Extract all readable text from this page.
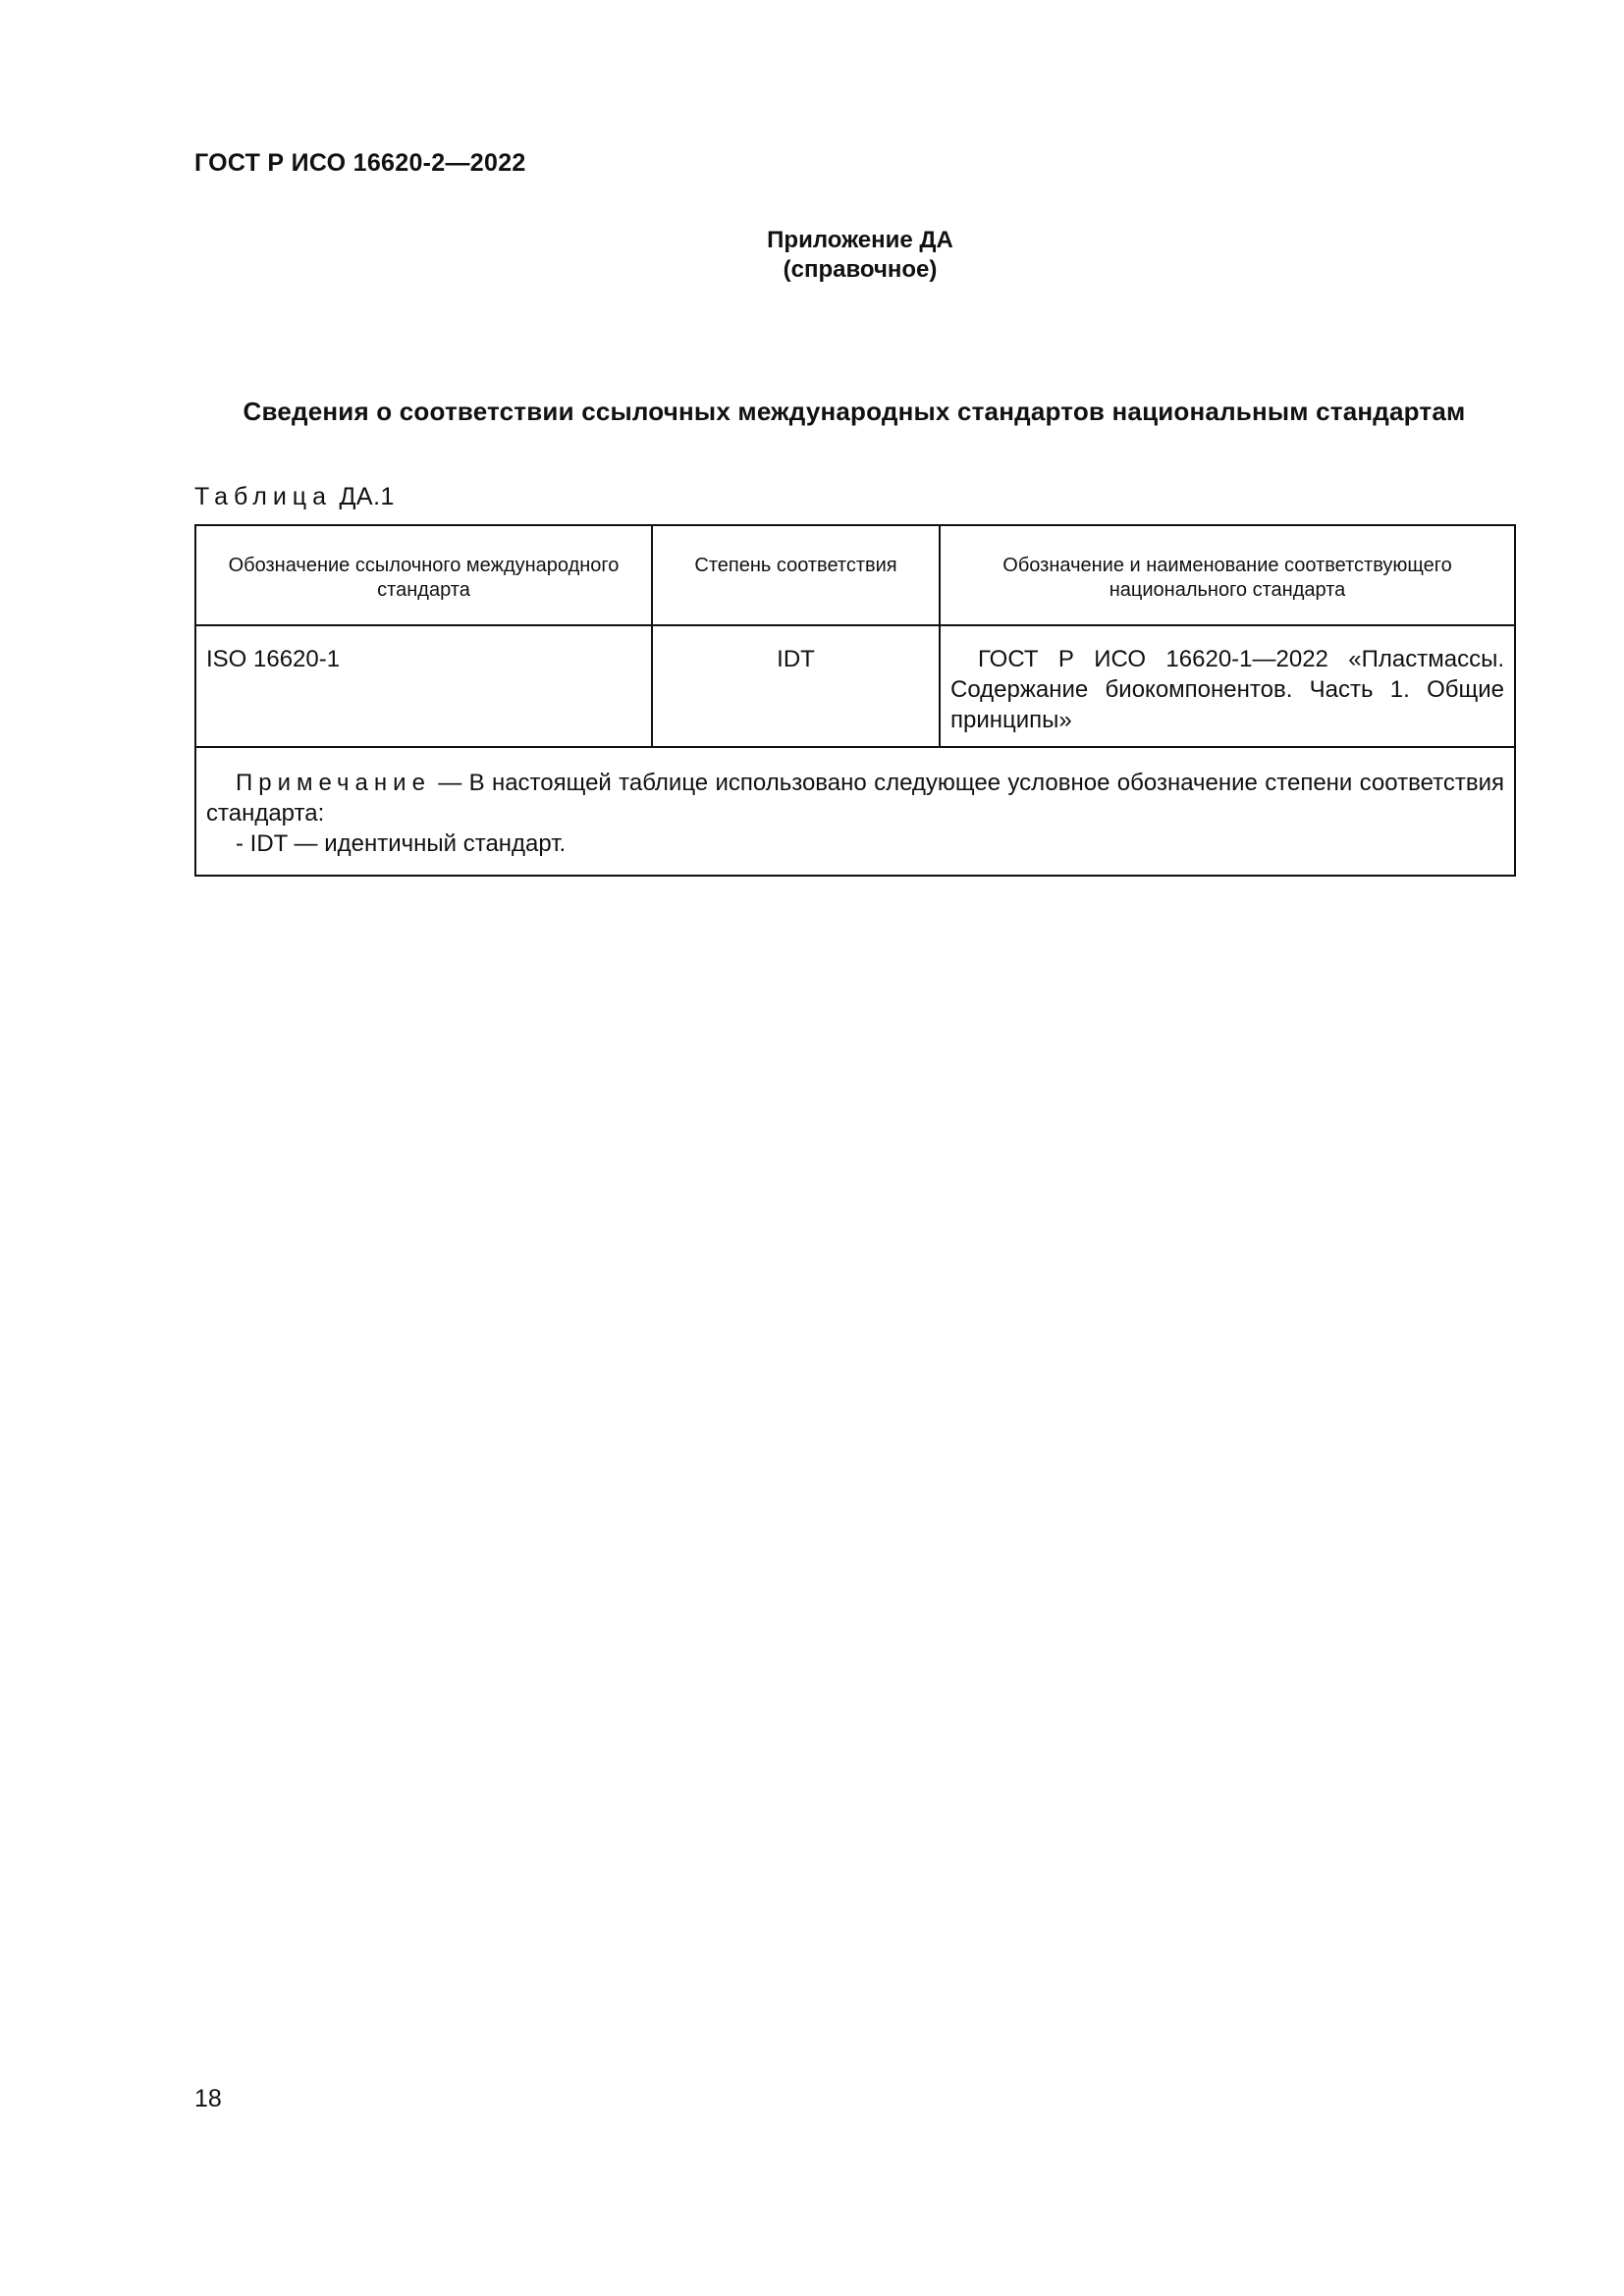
ГОСТ Р ИСО 16620-2—2022
Приложение ДА
(справочное)
Сведения о соответствии ссылочных международных стандартов национальным стандартам
Таблица ДА.1
Обозначение ссылочного международного стандарта	Степень соответствия	Обозначение и наименование соответствующего национального стандарта
ISO 16620-1	IDT	ГОСТ Р ИСО 16620-1—2022 «Пластмассы. Содержание биокомпонентов. Часть 1. Общие принципы»
Примечание — В настоящей таблице использовано следующее условное обозначение степени соответствия стандарта:
- IDT — идентичный стандарт.		
18
